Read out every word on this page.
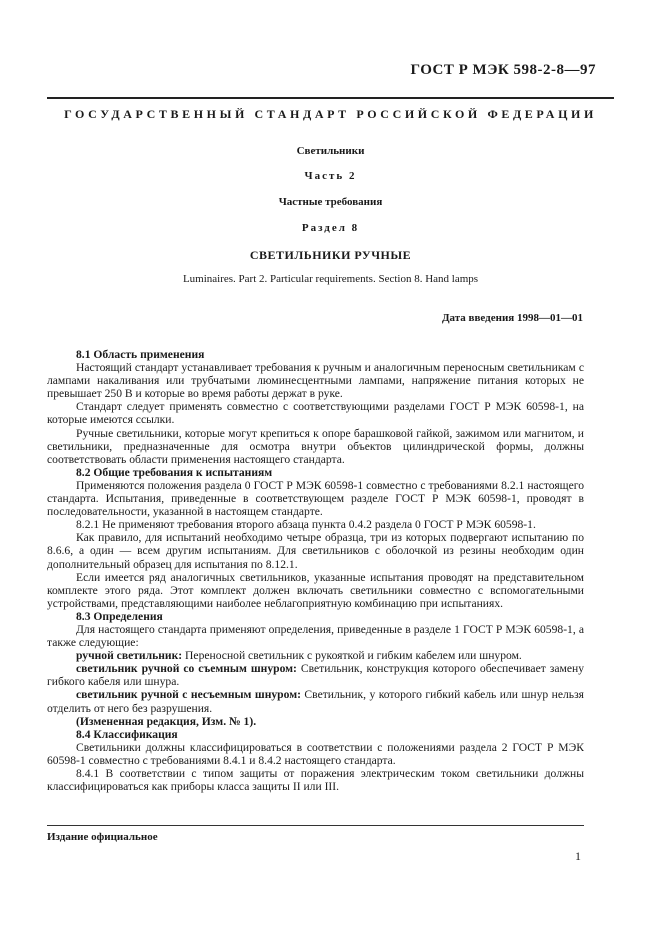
ГОСТ Р МЭК 598-2-8—97
ГОСУДАРСТВЕННЫЙ СТАНДАРТ РОССИЙСКОЙ ФЕДЕРАЦИИ
Светильники
Часть 2
Частные требования
Раздел 8
СВЕТИЛЬНИКИ РУЧНЫЕ
Luminaires. Part 2. Particular requirements. Section 8. Hand lamps
Дата введения 1998—01—01

8.1 Область применения

Настоящий стандарт устанавливает требования к ручным и аналогичным переносным светильникам с лампами накаливания или трубчатыми люминесцентными лампами, напряжение питания которых не превышает 250 В и которые во время работы держат в руке.

Стандарт следует применять совместно с соответствующими разделами ГОСТ Р МЭК 60598-1, на которые имеются ссылки.

Ручные светильники, которые могут крепиться к опоре барашковой гайкой, зажимом или магнитом, и светильники, предназначенные для осмотра внутри объектов цилиндрической формы, должны соответствовать области применения настоящего стандарта.

8.2 Общие требования к испытаниям

Применяются положения раздела 0 ГОСТ Р МЭК 60598-1 совместно с требованиями 8.2.1 настоящего стандарта. Испытания, приведенные в соответствующем разделе ГОСТ Р МЭК 60598-1, проводят в последовательности, указанной в настоящем стандарте.

8.2.1 Не применяют требования второго абзаца пункта 0.4.2 раздела 0 ГОСТ Р МЭК 60598-1.

Как правило, для испытаний необходимо четыре образца, три из которых подвергают испытанию по 8.6.6, а один — всем другим испытаниям. Для светильников с оболочкой из резины необходим один дополнительный образец для испытания по 8.12.1.

Если имеется ряд аналогичных светильников, указанные испытания проводят на представительном комплекте этого ряда. Этот комплект должен включать светильники совместно с вспомогательными устройствами, представляющими наиболее неблагоприятную комбинацию при испытаниях.

8.3 Определения

Для настоящего стандарта применяют определения, приведенные в разделе 1 ГОСТ Р МЭК 60598-1, а также следующие:

ручной светильник: Переносной светильник с рукояткой и гибким кабелем или шнуром.

светильник ручной со съемным шнуром: Светильник, конструкция которого обеспечивает замену гибкого кабеля или шнура.

светильник ручной с несъемным шнуром: Светильник, у которого гибкий кабель или шнур нельзя отделить от него без разрушения.

(Измененная редакция, Изм. № 1).

8.4 Классификация

Светильники должны классифицироваться в соответствии с положениями раздела 2 ГОСТ Р МЭК 60598-1 совместно с требованиями 8.4.1 и 8.4.2 настоящего стандарта.

8.4.1 В соответствии с типом защиты от поражения электрическим током светильники должны классифицироваться как приборы класса защиты II или III.

Издание официальное
1
